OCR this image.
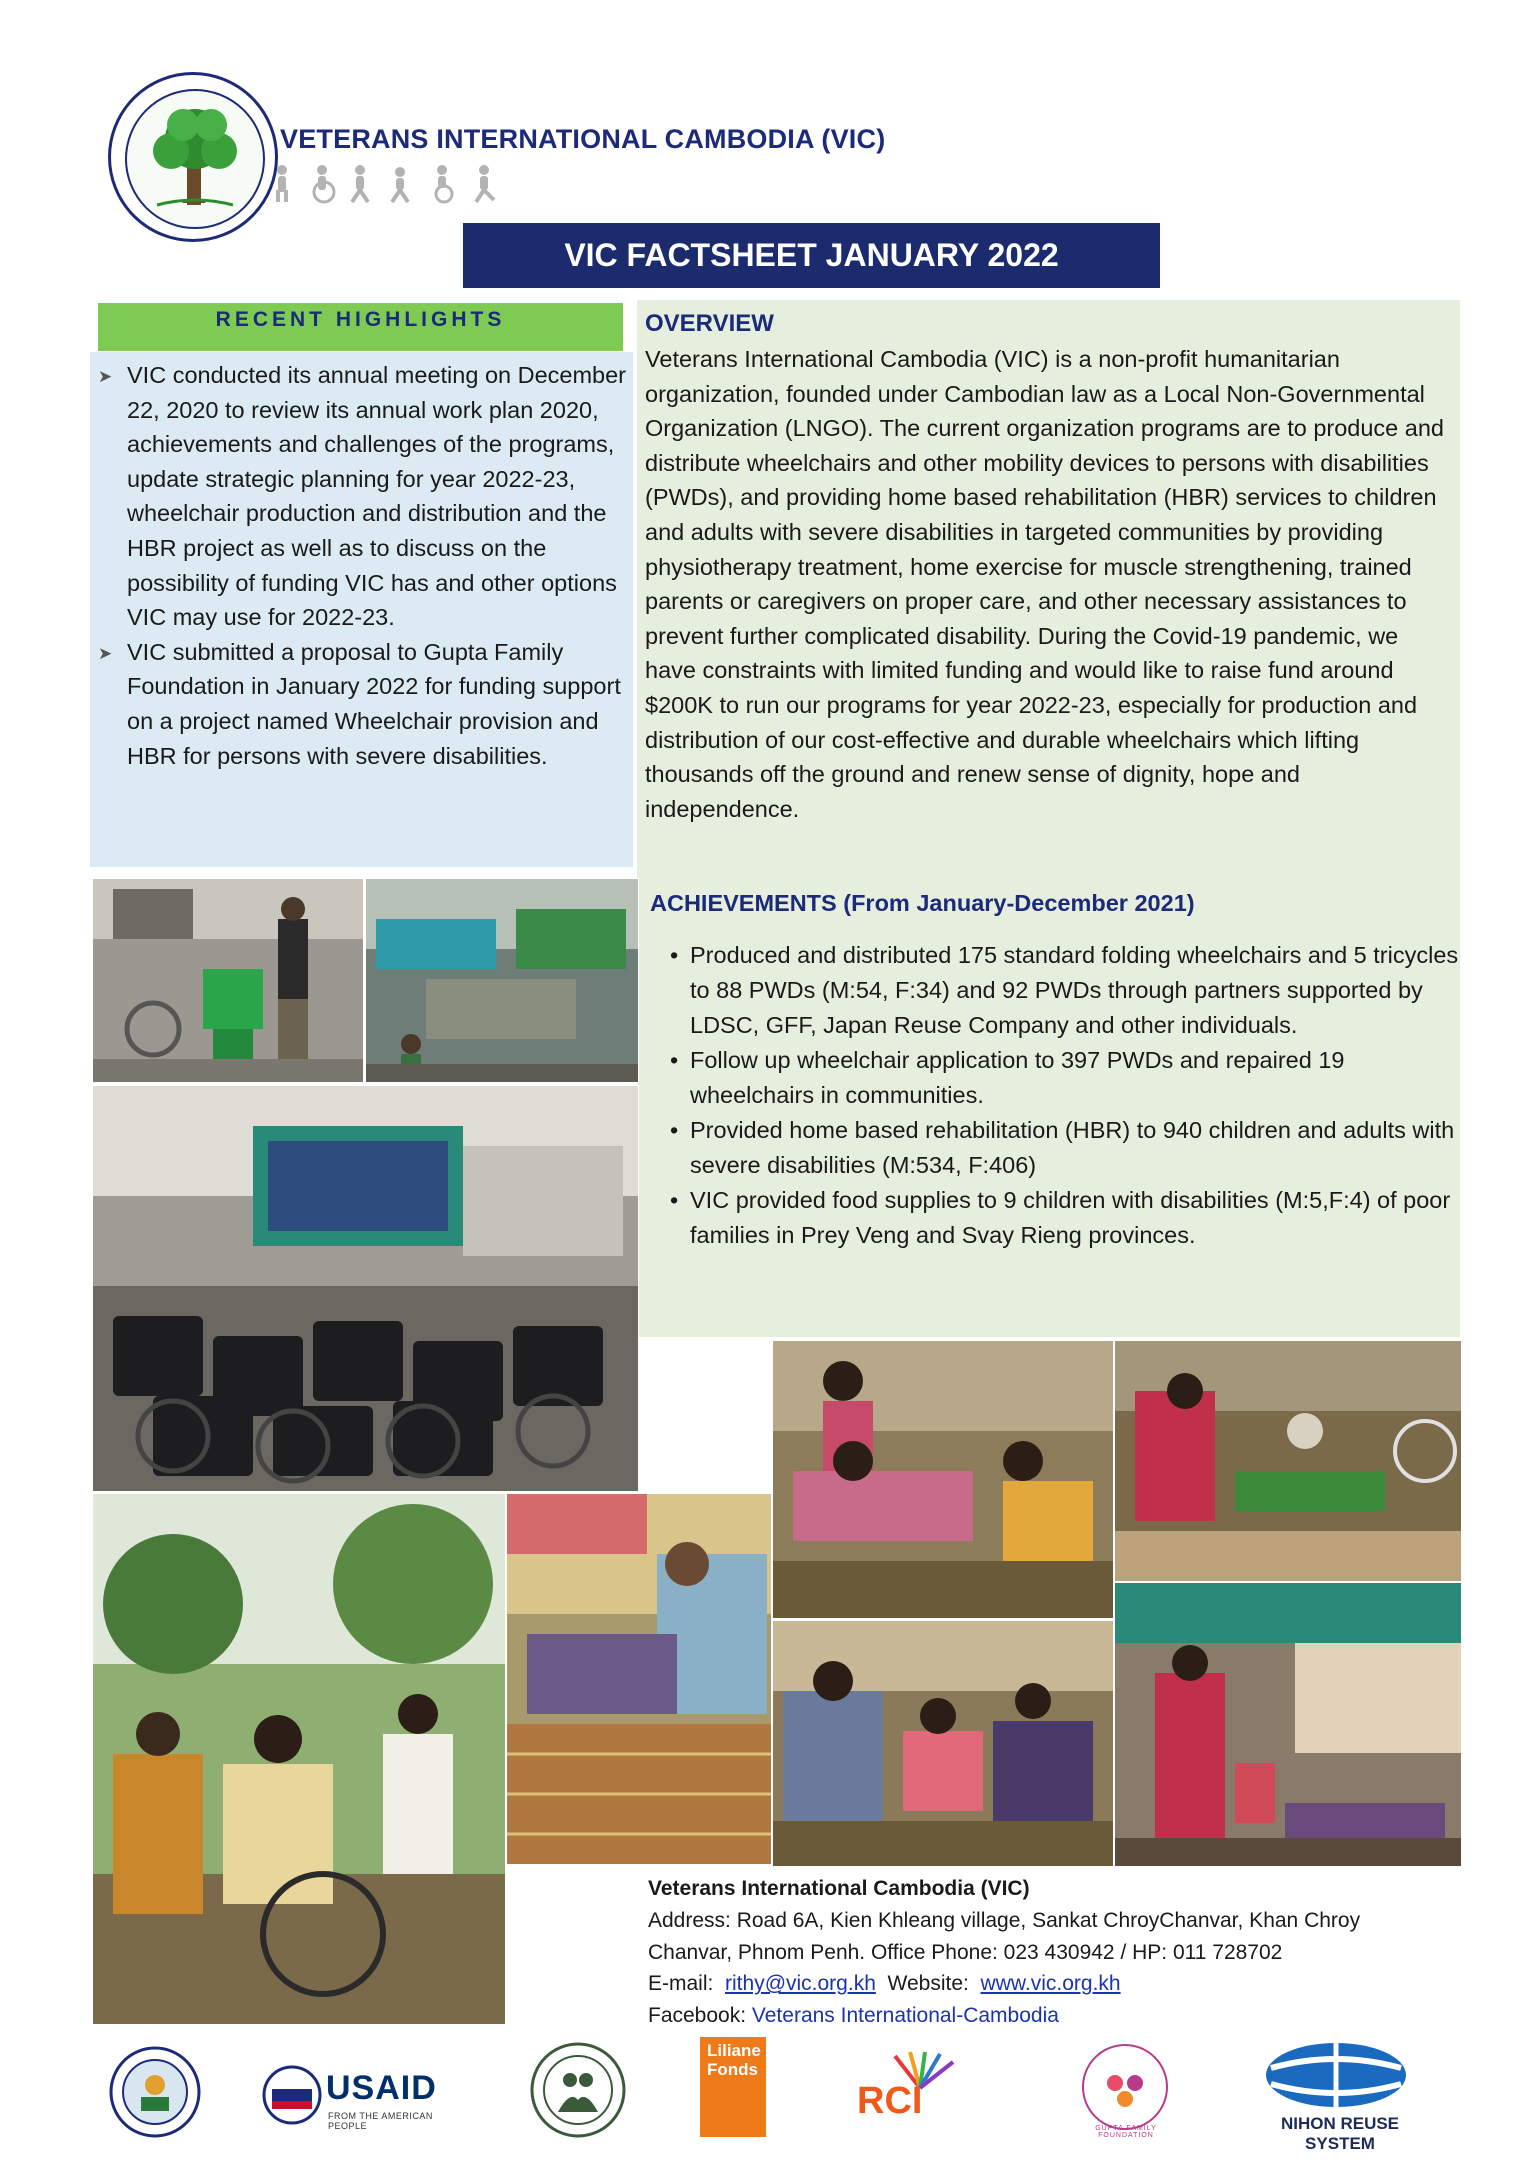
VETERANS INTERNATIONAL CAMBODIA (VIC)
VIC FACTSHEET JANUARY 2022
RECENT HIGHLIGHTS
➤ VIC conducted its annual meeting on December 22, 2020 to review its annual work plan 2020, achievements and challenges of the programs, update strategic planning for year 2022-23, wheelchair production and distribution and the HBR project as well as to discuss on the possibility of funding VIC has and other options VIC may use for 2022-23.
➤ VIC submitted a proposal to Gupta Family Foundation in January 2022 for funding support on a project named Wheelchair provision and HBR for persons with severe disabilities.
OVERVIEW
Veterans International Cambodia (VIC) is a non-profit humanitarian organization, founded under Cambodian law as a Local Non-Governmental Organization (LNGO). The current organization programs are to produce and distribute wheelchairs and other mobility devices to persons with disabilities (PWDs), and providing home based rehabilitation (HBR) services to children and adults with severe disabilities in targeted communities by providing physiotherapy treatment, home exercise for muscle strengthening, trained parents or caregivers on proper care, and other necessary assistances to prevent further complicated disability. During the Covid-19 pandemic, we have constraints with limited funding and would like to raise fund around $200K to run our programs for year 2022-23, especially for production and distribution of our cost-effective and durable wheelchairs which lifting thousands off the ground and renew sense of dignity, hope and independence.
ACHIEVEMENTS (From January-December 2021)
• Produced and distributed 175 standard folding wheelchairs and 5 tricycles to 88 PWDs (M:54, F:34) and 92 PWDs through partners supported by LDSC, GFF, Japan Reuse Company and other individuals.
• Follow up wheelchair application to 397 PWDs and repaired 19 wheelchairs in communities.
• Provided home based rehabilitation (HBR) to 940 children and adults with severe disabilities (M:534, F:406)
• VIC provided food supplies to 9 children with disabilities (M:5,F:4) of poor families in Prey Veng and Svay Rieng provinces.
Veterans International Cambodia (VIC)
Address: Road 6A, Kien Khleang village, Sankat ChroyChanvar, Khan Chroy
Chanvar, Phnom Penh. Office Phone: 023 430942 / HP: 011 728702
E-mail: rithy@vic.org.kh Website: www.vic.org.kh
Facebook: Veterans International-Cambodia
USAID
FROM THE AMERICAN PEOPLE
Liliane
Fonds
RCI
GUPTA FAMILY FOUNDATION
NIHON REUSE SYSTEM
